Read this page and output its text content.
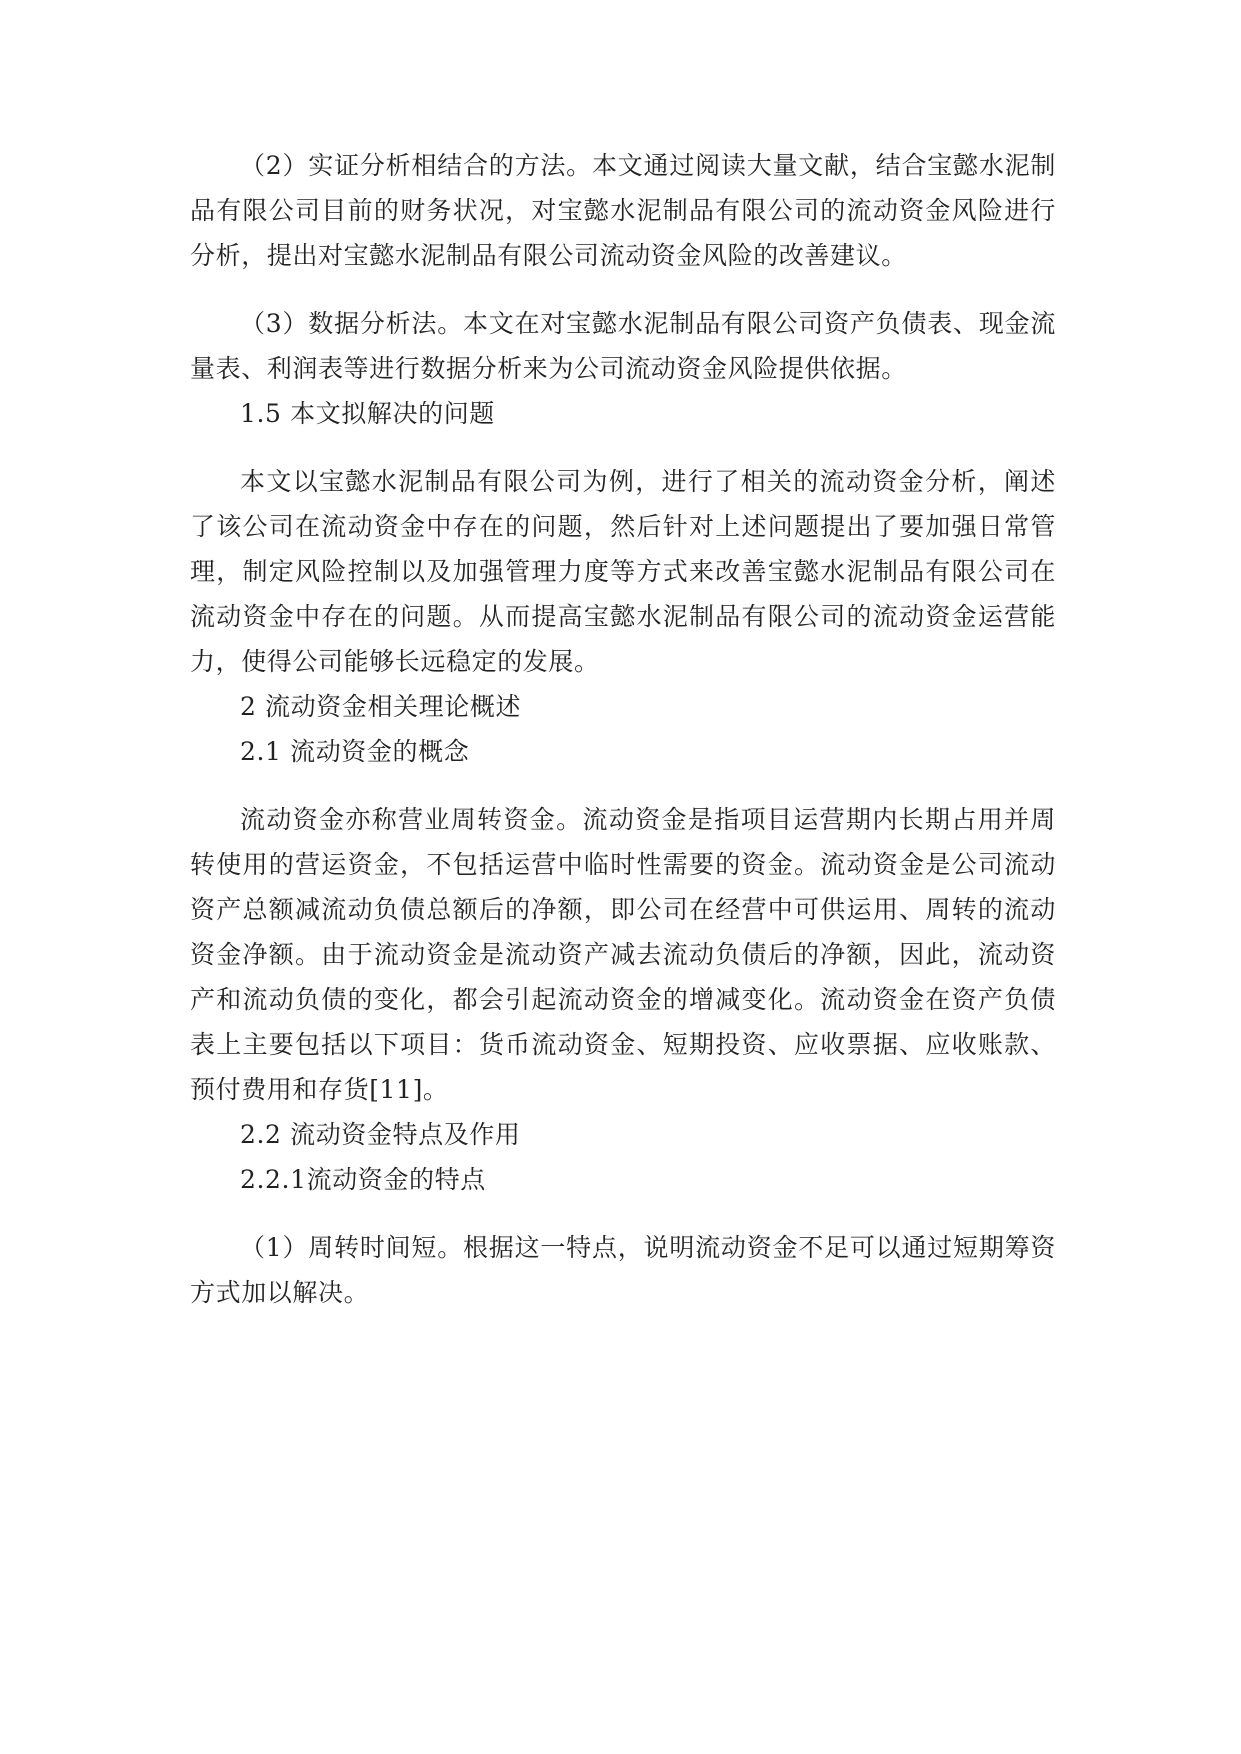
（2）实证分析相结合的方法。本文通过阅读大量文献，结合宝懿水泥制品有限公司目前的财务状况，对宝懿水泥制品有限公司的流动资金风险进行分析，提出对宝懿水泥制品有限公司流动资金风险的改善建议。

（3）数据分析法。本文在对宝懿水泥制品有限公司资产负债表、现金流量表、利润表等进行数据分析来为公司流动资金风险提供依据。

1.5 本文拟解决的问题

本文以宝懿水泥制品有限公司为例，进行了相关的流动资金分析，阐述了该公司在流动资金中存在的问题，然后针对上述问题提出了要加强日常管理，制定风险控制以及加强管理力度等方式来改善宝懿水泥制品有限公司在流动资金中存在的问题。从而提高宝懿水泥制品有限公司的流动资金运营能力，使得公司能够长远稳定的发展。

2 流动资金相关理论概述

2.1 流动资金的概念

流动资金亦称营业周转资金。流动资金是指项目运营期内长期占用并周转使用的营运资金，不包括运营中临时性需要的资金。流动资金是公司流动资产总额减流动负债总额后的净额，即公司在经营中可供运用、周转的流动资金净额。由于流动资金是流动资产减去流动负债后的净额，因此，流动资产和流动负债的变化，都会引起流动资金的增减变化。流动资金在资产负债表上主要包括以下项目：货币流动资金、短期投资、应收票据、应收账款、预付费用和存货[11]。

2.2 流动资金特点及作用

2.2.1流动资金的特点

（1）周转时间短。根据这一特点，说明流动资金不足可以通过短期筹资方式加以解决。
